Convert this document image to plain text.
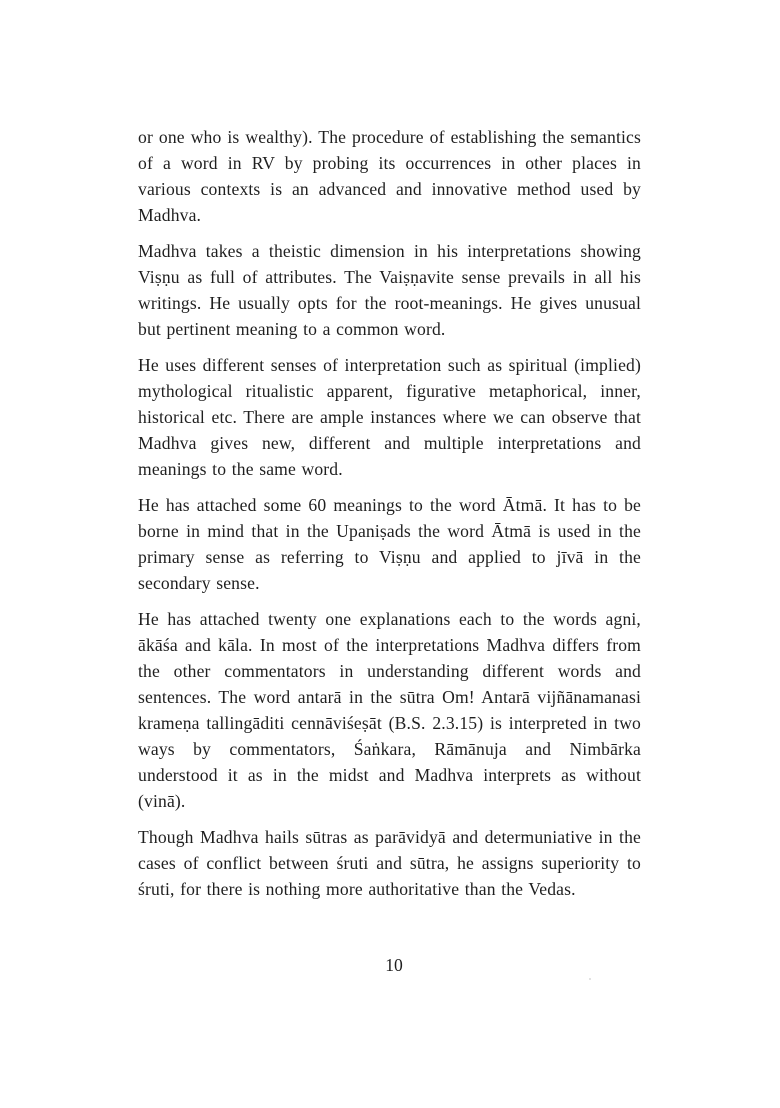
or one who is wealthy). The procedure of establishing the semantics of a word in RV by probing its occurrences in other places in various contexts is an advanced and innovative method used by Madhva.

Madhva takes a theistic dimension in his interpretations showing Viṣṇu as full of attributes. The Vaiṣṇavite sense prevails in all his writings. He usually opts for the root-meanings. He gives unusual but pertinent meaning to a common word.

He uses different senses of interpretation such as spiritual (implied) mythological ritualistic apparent, figurative metaphorical, inner, historical etc. There are ample instances where we can observe that Madhva gives new, different and multiple interpretations and meanings to the same word.

He has attached some 60 meanings to the word Ātmā. It has to be borne in mind that in the Upaniṣads the word Ātmā is used in the primary sense as referring to Viṣṇu and applied to jīvā in the secondary sense.

He has attached twenty one explanations each to the words agni, ākāśa and kāla. In most of the interpretations Madhva differs from the other commentators in understanding different words and sentences. The word antarā in the sūtra Om! Antarā vijñānamanasi krameṇa tallingāditi cennāviśeṣāt (B.S. 2.3.15) is interpreted in two ways by commentators, Śaṅkara, Rāmānuja and Nimbārka understood it as in the midst and Madhva interprets as without (vinā).

Though Madhva hails sūtras as parāvidyā and determuniative in the cases of conflict between śruti and sūtra, he assigns superiority to śruti, for there is nothing more authoritative than the Vedas.

10
